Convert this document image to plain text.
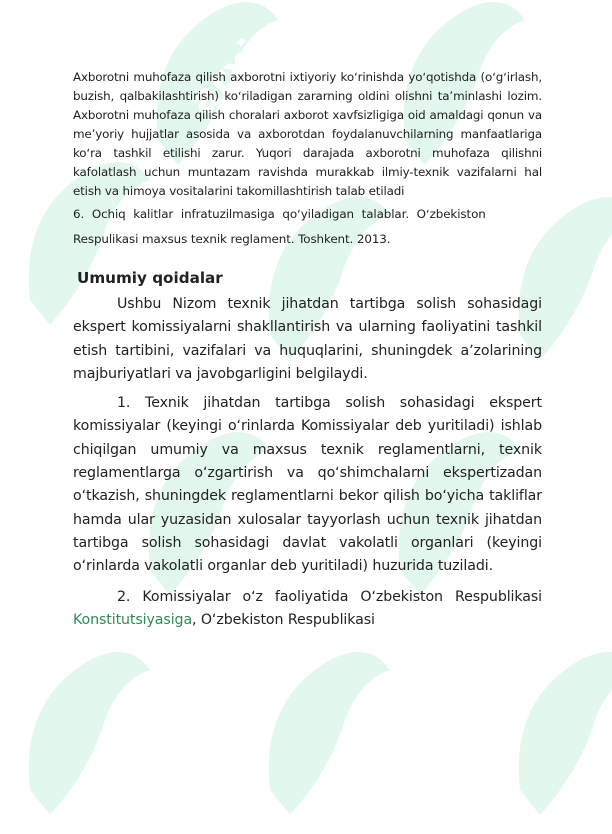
arxiv

Axborotni muhofaza qilish axborotni ixtiyoriy koʻrinishda yoʻqotishda (oʻgʻirlash, buzish, qalbakilashtirish) koʻriladigan zararning oldini olishni taʼminlashi lozim. Axborotni muhofaza qilish choralari axborot xavfsizligiga oid amaldagi qonun va meʼyoriy hujjatlar asosida va axborotdan foydalanuvchilarning manfaatlariga koʻra tashkil etilishi zarur. Yuqori darajada axborotni muhofaza qilishni kafolatlash uchun muntazam ravishda murakkab ilmiy-texnik vazifalarni hal etish va himoya vositalarini takomillashtirish talab etiladi

6. Ochiq kalitlar infratuzilmasiga qoʻyiladigan talablar. Oʻzbekiston

Respulikasi maxsus texnik reglament. Toshkent. 2013.

Umumiy qoidalar

Ushbu Nizom texnik jihatdan tartibga solish sohasidagi ekspert komissiyalarni shakllantirish va ularning faoliyatini tashkil etish tartibini, vazifalari va huquqlarini, shuningdek aʼzolarining majburiyatlari va javobgarligini belgilaydi.

1. Texnik jihatdan tartibga solish sohasidagi ekspert komissiyalar (keyingi oʻrinlarda Komissiyalar deb yuritiladi) ishlab chiqilgan umumiy va maxsus texnik reglamentlarni, texnik reglamentlarga oʻzgartirish va qoʻshimchalarni ekspertizadan oʻtkazish, shuningdek reglamentlarni bekor qilish boʻyicha takliflar hamda ular yuzasidan xulosalar tayyorlash uchun texnik jihatdan tartibga solish sohasidagi davlat vakolatli organlari (keyingi oʻrinlarda vakolatli organlar deb yuritiladi) huzurida tuziladi.

2. Komissiyalar oʻz faoliyatida Oʻzbekiston Respublikasi Konstitutsiyasiga, Oʻzbekiston Respublikasi
